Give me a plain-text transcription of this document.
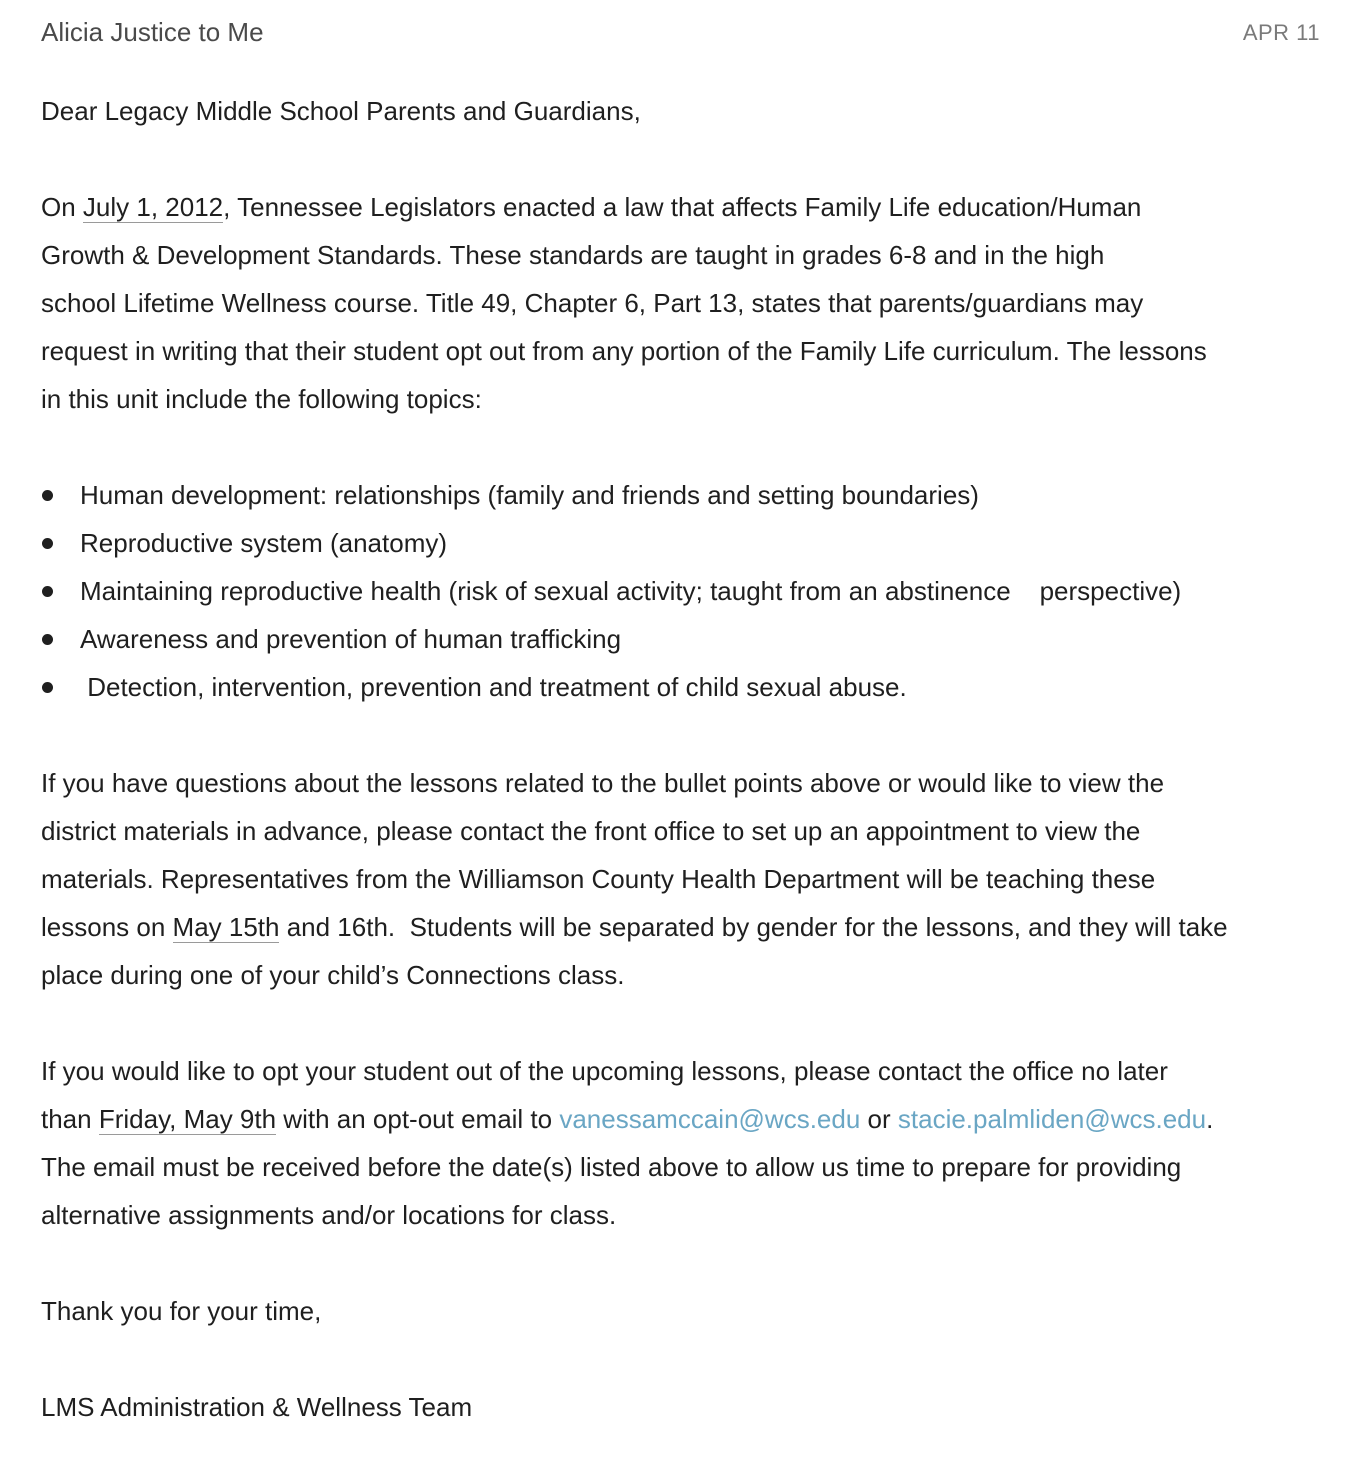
Alicia Justice to Me	APR 11

Dear Legacy Middle School Parents and Guardians,

On July 1, 2012, Tennessee Legislators enacted a law that affects Family Life education/Human
Growth & Development Standards. These standards are taught in grades 6-8 and in the high
school Lifetime Wellness course. Title 49, Chapter 6, Part 13, states that parents/guardians may
request in writing that their student opt out from any portion of the Family Life curriculum. The lessons
in this unit include the following topics:

Human development: relationships (family and friends and setting boundaries)
Reproductive system (anatomy)
Maintaining reproductive health (risk of sexual activity; taught from an abstinence    perspective)
Awareness and prevention of human trafficking
Detection, intervention, prevention and treatment of child sexual abuse.

If you have questions about the lessons related to the bullet points above or would like to view the
district materials in advance, please contact the front office to set up an appointment to view the
materials. Representatives from the Williamson County Health Department will be teaching these
lessons on May 15th and 16th.  Students will be separated by gender for the lessons, and they will take
place during one of your child’s Connections class.

If you would like to opt your student out of the upcoming lessons, please contact the office no later
than Friday, May 9th with an opt-out email to vanessamccain@wcs.edu or stacie.palmliden@wcs.edu.
The email must be received before the date(s) listed above to allow us time to prepare for providing
alternative assignments and/or locations for class.

Thank you for your time,

LMS Administration & Wellness Team
